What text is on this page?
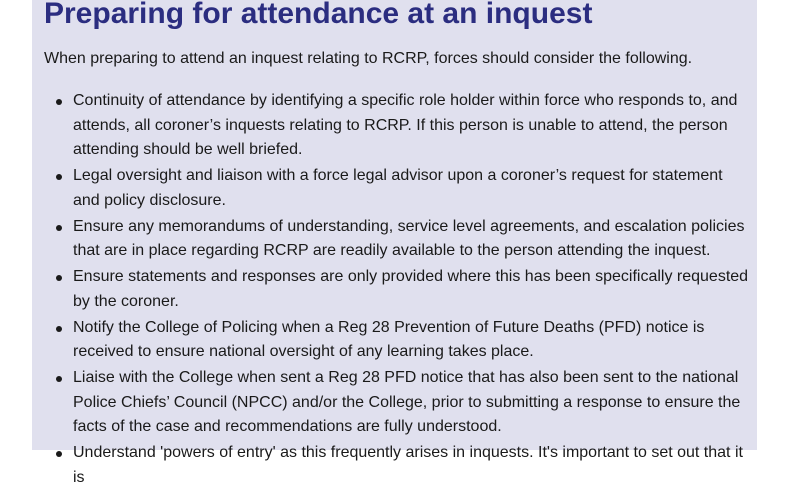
Preparing for attendance at an inquest

When preparing to attend an inquest relating to RCRP, forces should consider the following.

Continuity of attendance by identifying a specific role holder within force who responds to, and attends, all coroner’s inquests relating to RCRP. If this person is unable to attend, the person attending should be well briefed.
Legal oversight and liaison with a force legal advisor upon a coroner’s request for statement and policy disclosure.
Ensure any memorandums of understanding, service level agreements, and escalation policies that are in place regarding RCRP are readily available to the person attending the inquest.
Ensure statements and responses are only provided where this has been specifically requested by the coroner.
Notify the College of Policing when a Reg 28 Prevention of Future Deaths (PFD) notice is received to ensure national oversight of any learning takes place.
Liaise with the College when sent a Reg 28 PFD notice that has also been sent to the national Police Chiefs’ Council (NPCC) and/or the College, prior to submitting a response to ensure the facts of the case and recommendations are fully understood.
Understand 'powers of entry' as this frequently arises in inquests. It's important to set out that it is
